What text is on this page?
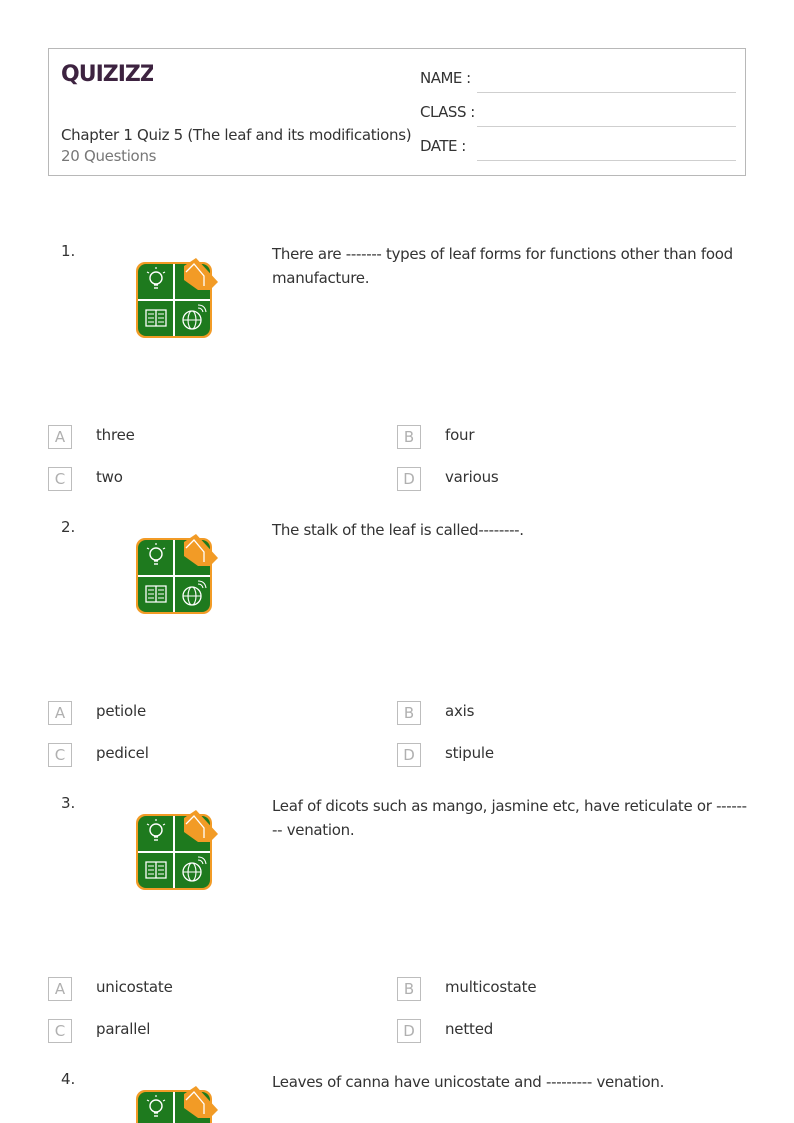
QUIZIZZ
Chapter 1 Quiz 5 (The leaf and its modifications)
20 Questions
NAME :
CLASS :
DATE :
1.	There are ------- types of leaf forms for functions other than food manufacture.
A	three	B	four
C	two	D	various
2.	The stalk of the leaf is called--------.
A	petiole	B	axis
C	pedicel	D	stipule
3.	Leaf of dicots such as mango, jasmine etc, have reticulate or -------- venation.
A	unicostate	B	multicostate
C	parallel	D	netted
4.	Leaves of canna have unicostate and --------- venation.
